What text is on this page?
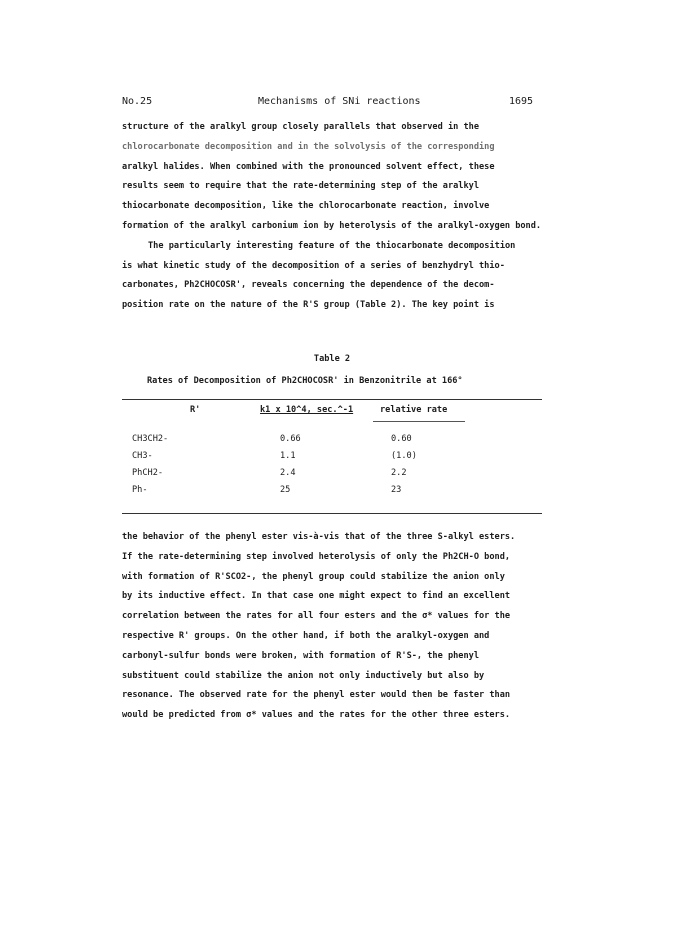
No.25	Mechanisms of SNi reactions	1695
structure of the aralkyl group closely parallels that observed in the
chlorocarbonate decomposition and in the solvolysis of the corresponding
aralkyl halides. When combined with the pronounced solvent effect, these
results seem to require that the rate-determining step of the aralkyl
thiocarbonate decomposition, like the chlorocarbonate reaction, involve
formation of the aralkyl carbonium ion by heterolysis of the aralkyl-oxygen bond.
The particularly interesting feature of the thiocarbonate decomposition
is what kinetic study of the decomposition of a series of benzhydryl thio-
carbonates, Ph2CHOCOSR', reveals concerning the dependence of the decom-
position rate on the nature of the R'S group (Table 2). The key point is
Table 2
Rates of Decomposition of Ph2CHOCOSR' in Benzonitrile at 166°
R'	k1 x 10^4, sec.^-1	relative rate
CH3CH2-	0.66	0.60
CH3-	1.1	(1.0)
PhCH2-	2.4	2.2
Ph-	25	23
the behavior of the phenyl ester vis-à-vis that of the three S-alkyl esters.
If the rate-determining step involved heterolysis of only the Ph2CH-O bond,
with formation of R'SCO2-, the phenyl group could stabilize the anion only
by its inductive effect. In that case one might expect to find an excellent
correlation between the rates for all four esters and the σ* values for the
respective R' groups. On the other hand, if both the aralkyl-oxygen and
carbonyl-sulfur bonds were broken, with formation of R'S-, the phenyl
substituent could stabilize the anion not only inductively but also by
resonance. The observed rate for the phenyl ester would then be faster than
would be predicted from σ* values and the rates for the other three esters.
